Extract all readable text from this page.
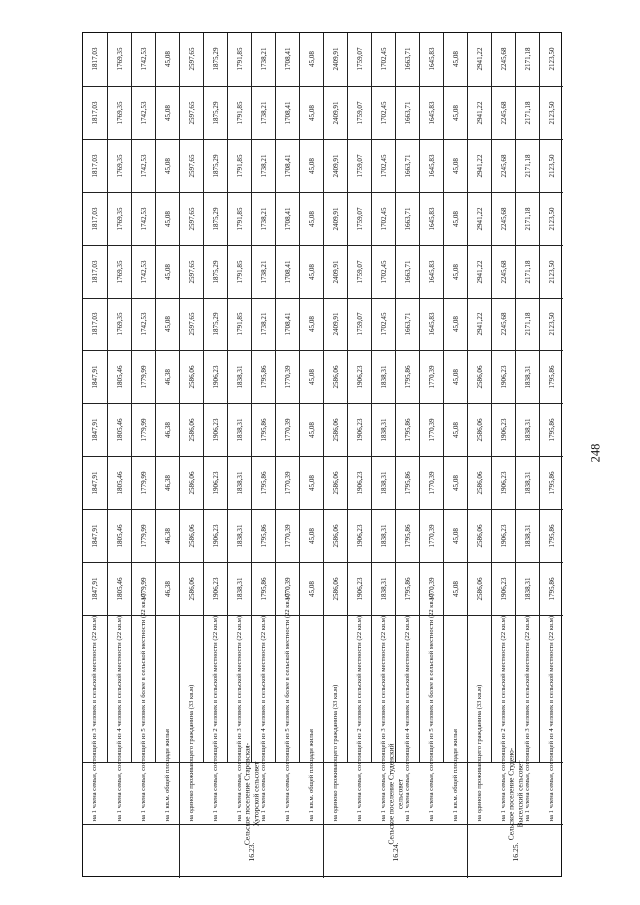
16.23.
Сельское поселение Старовская-Хуторской сельсовет
16.24.
Сельское поселение Студенский сельсовет
16.25.
Сельское поселение Студено-Выселский сельсовет
на 1 члена семьи, состоящей из 3 человек в сельской местности (22 кв.м)
1847,91
1847,91
1847,91
1847,91
1847,91
1817,03
1817,03
1817,03
1817,03
1817,03
1817,03
на 1 члена семьи, состоящей из 4 человек в сельской местности (22 кв.м)
1805,46
1805,46
1805,46
1805,46
1805,46
1769,35
1769,35
1769,35
1769,35
1769,35
1769,35
на 1 члена семьи, состоящей из 5 человек и более в сельской местности (22 кв.м)
1779,99
1779,99
1779,99
1779,99
1779,99
1742,53
1742,53
1742,53
1742,53
1742,53
1742,53
на 1 кв.м. общей площади жилья
46,38
46,38
46,38
46,38
46,38
45,08
45,08
45,08
45,08
45,08
45,08
на одиноко проживающего гражданина (33 кв.м)
2586,06
2586,06
2586,06
2586,06
2586,06
2597,65
2597,65
2597,65
2597,65
2597,65
2597,65
на 1 члена семьи, состоящей из 2 человек в сельской местности (22 кв.м)
1906,23
1906,23
1906,23
1906,23
1906,23
1875,29
1875,29
1875,29
1875,29
1875,29
1875,29
на 1 члена семьи, состоящей из 3 человек в сельской местности (22 кв.м)
1838,31
1838,31
1838,31
1838,31
1838,31
1791,85
1791,85
1791,85
1791,85
1791,85
1791,85
на 1 члена семьи, состоящей из 4 человек в сельской местности (22 кв.м)
1795,86
1795,86
1795,86
1795,86
1795,86
1738,21
1738,21
1738,21
1738,21
1738,21
1738,21
на 1 члена семьи, состоящей из 5 человек и более в сельской местности (22 кв.м)
1770,39
1770,39
1770,39
1770,39
1770,39
1708,41
1708,41
1708,41
1708,41
1708,41
1708,41
на 1 кв.м. общей площади жилья
45,08
45,08
45,08
45,08
45,08
45,08
45,08
45,08
45,08
45,08
45,08
на одиноко проживающего гражданина (33 кв.м)
2586,06
2586,06
2586,06
2586,06
2586,06
2409,91
2409,91
2409,91
2409,91
2409,91
2409,91
на 1 члена семьи, состоящей из 2 человек в сельской местности (22 кв.м)
1906,23
1906,23
1906,23
1906,23
1906,23
1759,07
1759,07
1759,07
1759,07
1759,07
1759,07
на 1 члена семьи, состоящей из 3 человек в сельской местности (22 кв.м)
1838,31
1838,31
1838,31
1838,31
1838,31
1702,45
1702,45
1702,45
1702,45
1702,45
1702,45
на 1 члена семьи, состоящей из 4 человек в сельской местности (22 кв.м)
1795,86
1795,86
1795,86
1795,86
1795,86
1663,71
1663,71
1663,71
1663,71
1663,71
1663,71
на 1 члена семьи, состоящей из 5 человек и более в сельской местности (22 кв.м)
1770,39
1770,39
1770,39
1770,39
1770,39
1645,83
1645,83
1645,83
1645,83
1645,83
1645,83
на 1 кв.м. общей площади жилья
45,08
45,08
45,08
45,08
45,08
45,08
45,08
45,08
45,08
45,08
45,08
на одиноко проживающего гражданина (33 кв.м)
2586,06
2586,06
2586,06
2586,06
2586,06
2941,22
2941,22
2941,22
2941,22
2941,22
2941,22
на 1 члена семьи, состоящей из 2 человек в сельской местности (22 кв.м)
1906,23
1906,23
1906,23
1906,23
1906,23
2245,68
2245,68
2245,68
2245,68
2245,68
2245,68
на 1 члена семьи, состоящей из 3 человек в сельской местности (22 кв.м)
1838,31
1838,31
1838,31
1838,31
1838,31
2171,18
2171,18
2171,18
2171,18
2171,18
2171,18
на 1 члена семьи, состоящей из 4 человек в сельской местности (22 кв.м)
1795,86
1795,86
1795,86
1795,86
1795,86
2123,50
2123,50
2123,50
2123,50
2123,50
2123,50
248
